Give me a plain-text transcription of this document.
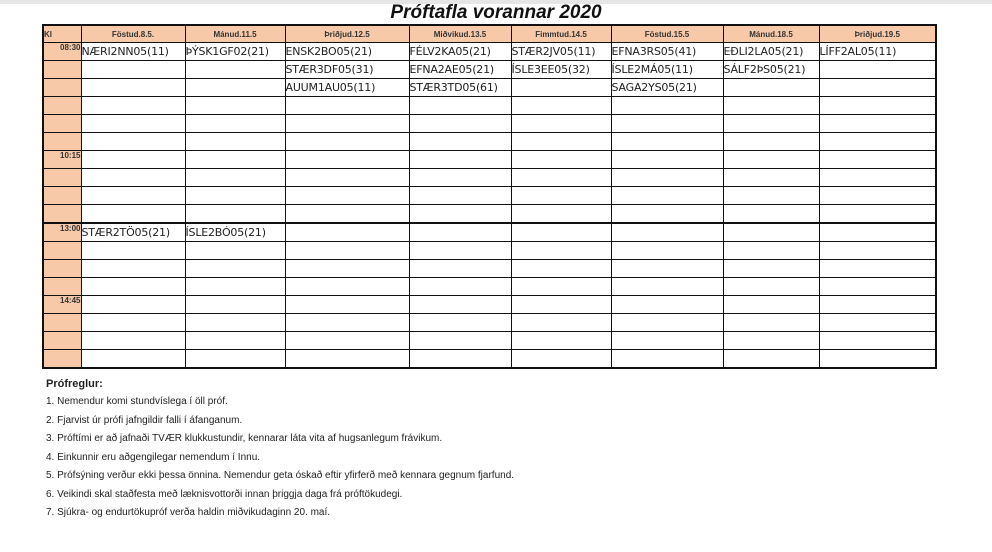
Próftafla vorannar 2020
Kl	Föstud.8.5.	Mánud.11.5	Þriðjud.12.5	Miðvikud.13.5	Fimmtud.14.5	Föstud.15.5	Mánud.18.5	Þriðjud.19.5
08:30	NÆRI2NN05(11)	ÞÝSK1GF02(21)	ENSK2BO05(21)	FÉLV2KA05(21)	STÆR2JV05(11)	EFNA3RS05(41)	EÐLI2LA05(21)	LÍFF2AL05(11)
			STÆR3DF05(31)	EFNA2AE05(21)	ÍSLE3EE05(32)	ÍSLE2MÁ05(11)	SÁLF2ÞS05(21)	
			AUUM1AU05(11)	STÆR3TD05(61)		SAGA2YS05(21)		

10:15								

13:00	STÆR2TÖ05(21)	ÍSLE2BÓ05(21)						

14:45								

Prófreglur:
1. Nemendur komi stundvíslega í öll próf.
2. Fjarvist úr prófi jafngildir falli í áfanganum.
3. Próftími er að jafnaði TVÆR klukkustundir, kennarar láta vita af hugsanlegum frávikum.
4. Einkunnir eru aðgengilegar nemendum í Innu.
5. Prófsýning verður ekki þessa önnina. Nemendur geta óskað eftir yfirferð með kennara gegnum fjarfund.
6. Veikindi skal staðfesta með læknisvottorði innan þriggja daga frá próftökudegi.
7. Sjúkra- og endurtökupróf verða haldin miðvikudaginn 20. maí.
